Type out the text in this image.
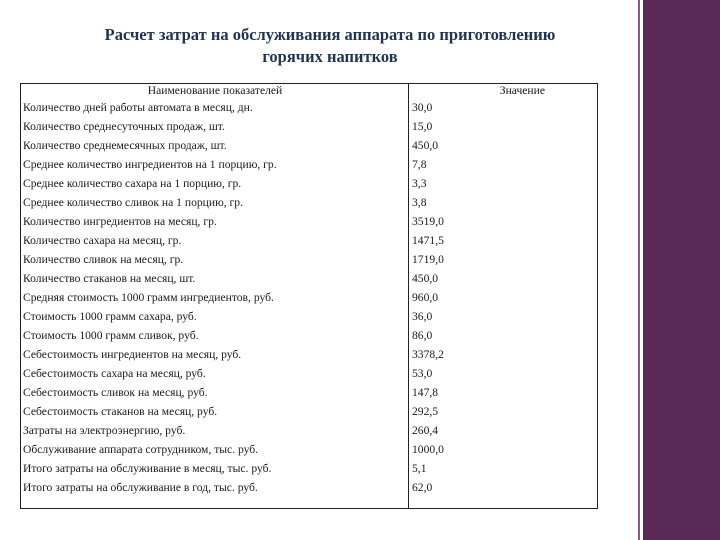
Расчет затрат на обслуживания аппарата по приготовлению
горячих напитков
Наименование показателей	Значение
Количество дней работы автомата в месяц, дн.	30,0
Количество среднесуточных продаж, шт.	15,0
Количество среднемесячных продаж, шт.	450,0
Среднее количество ингредиентов на 1 порцию, гр.	7,8
Среднее количество сахара на 1 порцию, гр.	3,3
Среднее количество сливок на 1 порцию, гр.	3,8
Количество ингредиентов на месяц, гр.	3519,0
Количество сахара на месяц, гр.	1471,5
Количество сливок на месяц, гр.	1719,0
Количество стаканов на месяц, шт.	450,0
Средняя стоимость 1000 грамм ингредиентов, руб.	960,0
Стоимость 1000 грамм сахара, руб.	36,0
Стоимость 1000 грамм сливок, руб.	86,0
Себестоимость ингредиентов на месяц, руб.	3378,2
Себестоимость сахара на месяц, руб.	53,0
Себестоимость сливок на месяц, руб.	147,8
Себестоимость стаканов на месяц, руб.	292,5
Затраты на электроэнергию, руб.	260,4
Обслуживание аппарата сотрудником, тыс. руб.	1000,0
Итого затраты на обслуживание в месяц, тыс. руб.	5,1
Итого затраты на обслуживание в год, тыс. руб.	62,0
